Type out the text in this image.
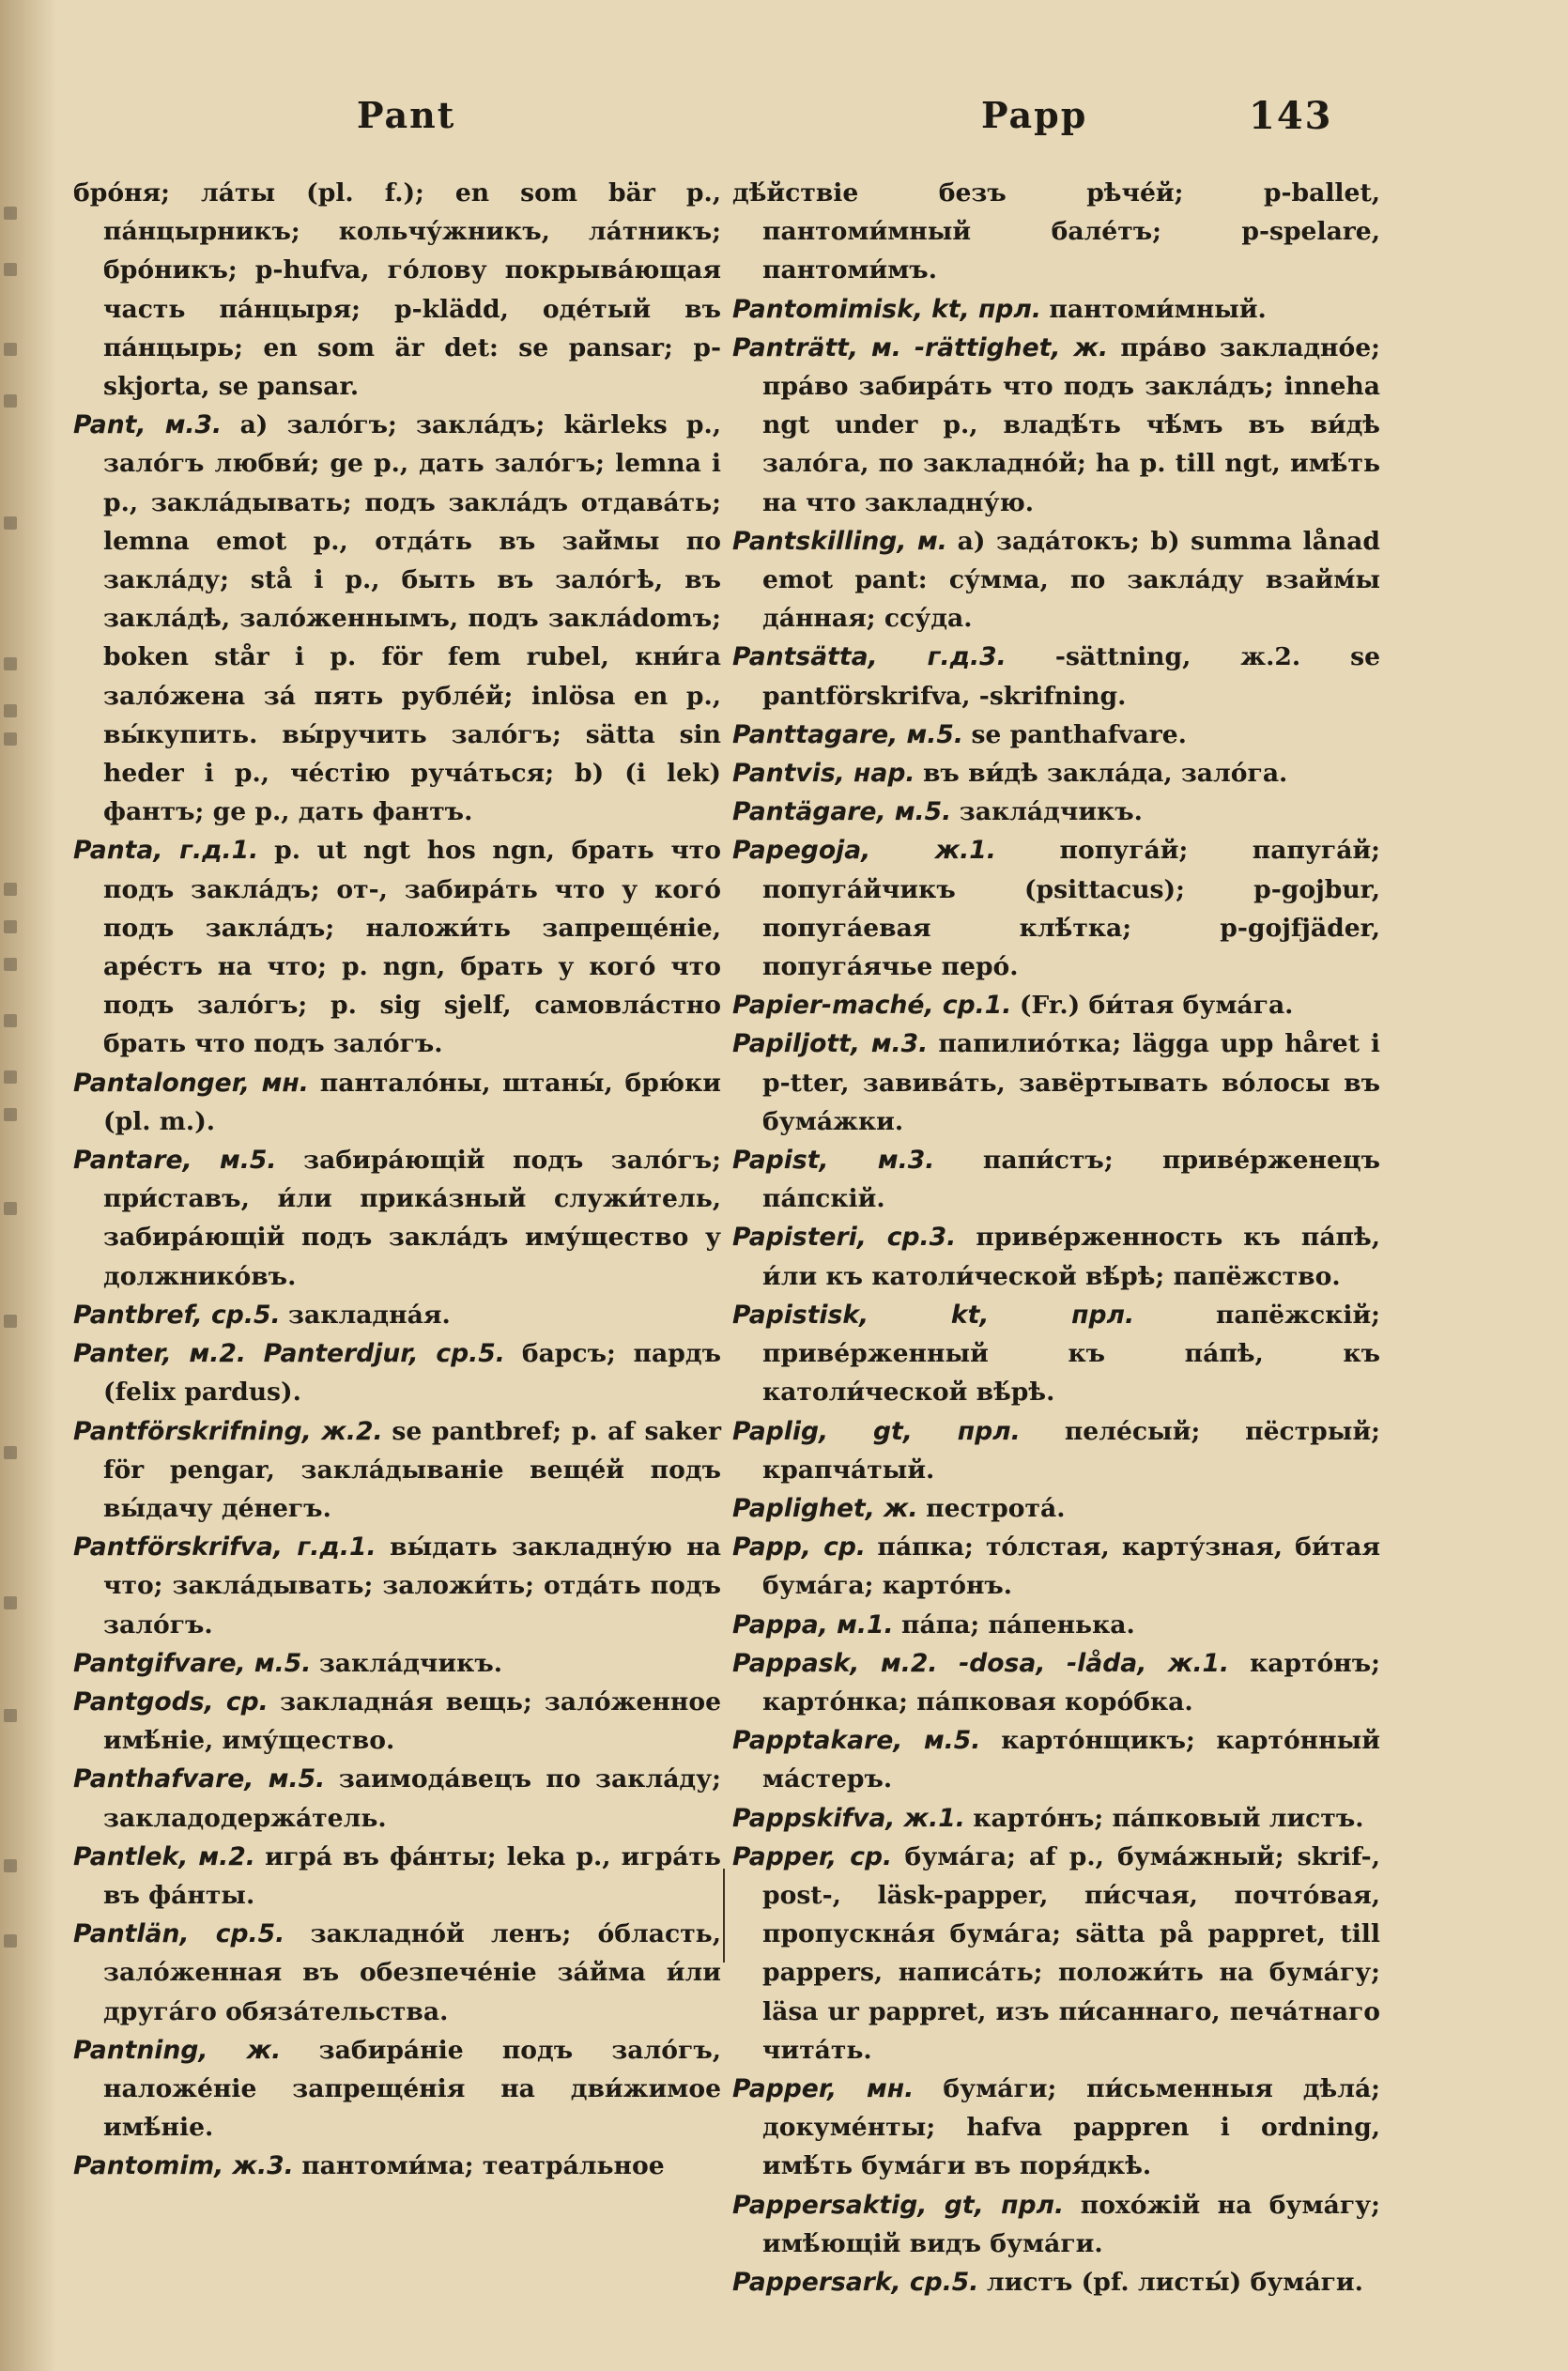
Pant	Papp	143

бро́ня; ла́ты (pl. f.); en som bär p., па́нцырникъ; кольчу́жникъ, ла́тникъ; бро́никъ; p-hufva, го́лову покрыва́ющая часть па́нцыря; p-klädd, оде́тый въ па́нцырь; en som är det: se pansar; p-skjorta, se pansar.

Pant, м.3. a) зало́гъ; закла́дъ; kärleks p., зало́гъ любви́; ge p., дать зало́гъ; lemna i p., закла́дывать; подъ закла́дъ отдава́ть; lemna emot p., отда́ть въ зай́мы по закла́ду; stå i p., быть въ зало́гѣ, въ закла́дѣ, зало́женнымъ, подъ закла́domъ; boken står i p. för fem rubel, кни́га зало́жена за́ пять рубле́й; inlösa en p., вы́купить. вы́ручить зало́гъ; sätta sin heder i p., че́стію руча́ться; b) (i lek) фантъ; ge p., дать фантъ.

Panta, г.д.1. p. ut ngt hos ngn, брать что подъ закла́дъ; от-, забира́ть что у кого́ подъ закла́дъ; наложи́ть запреще́ніе, аре́стъ на что; p. ngn, брать у кого́ что подъ зало́гъ; p. sig sjelf, самовла́стно брать что подъ зало́гъ.

Pantalonger, мн. пантало́ны, штаны́, брю́ки (pl. m.).

Pantare, м.5. забира́ющій подъ зало́гъ; при́ставъ, и́ли прика́зный служи́тель, забира́ющій подъ закла́дъ иму́щество у должнико́въ.

Pantbref, ср.5. закладна́я.

Panter, м.2. Panterdjur, ср.5. барсъ; пардъ (felix pardus).

Pantförskrifning, ж.2. se pantbref; p. af saker för pengar, закла́дываніе веще́й подъ вы́дачу де́негъ.

Pantförskrifva, г.д.1. вы́дать закладну́ю на что; закла́дывать; заложи́ть; отда́ть подъ зало́гъ.

Pantgifvare, м.5. закла́дчикъ.

Pantgods, ср. закладна́я вещь; зало́женное имѣ́ніе, иму́щество.

Panthafvare, м.5. заимода́вецъ по закла́ду; закладодержа́тель.

Pantlek, м.2. игра́ въ фа́нты; leka p., игра́ть въ фа́нты.

Pantlän, ср.5. закладно́й ленъ; о́бласть, зало́женная въ обезпече́ніе за́йма и́ли друга́го обяза́тельства.

Pantning, ж. забира́ніе подъ зало́гъ, наложе́ніе запреще́нія на дви́жимое имѣ́ніе.

Pantomim, ж.3. пантоми́ма; театра́льное

дѣ́йствіе безъ рѣче́й; p-ballet, пантоми́мный бале́тъ; p-spelare, пантоми́мъ.

Pantomimisk, kt, прл. пантоми́мный.

Panträtt, м. -rättighet, ж. пра́во закладно́е; пра́во забира́ть что подъ закла́дъ; inneha ngt under p., владѣ́ть чѣ́мъ въ ви́дѣ зало́га, по закладно́й; ha p. till ngt, имѣ́ть на что закладну́ю.

Pantskilling, м. a) зада́токъ; b) summa lånad emot pant: су́мма, по закла́ду взайм́ы да́нная; ссу́да.

Pantsätta, г.д.3. -sättning, ж.2. se pantförskrifva, -skrifning.

Panttagare, м.5. se panthafvare.

Pantvis, нар. въ ви́дѣ закла́да, зало́га.

Pantägare, м.5. закла́дчикъ.

Papegoja, ж.1.	попуга́й; папуга́й; попуга́йчикъ (psittacus); p-gojbur, попуга́евая клѣ́тка; p-gojfjäder, попуга́ячье перо́.

Papier-maché, ср.1. (Fr.) би́тая бума́га.

Papiljott, м.3. папилио́тка; lägga upp håret i p-tter, завива́ть, завёртывать во́лосы въ бума́жки.

Papist, м.3. папи́стъ; приве́рженецъ па́пскій.

Papisteri, ср.3. приве́рженность къ па́пѣ, и́ли къ католи́ческой вѣ́рѣ; папёжство.

Papistisk, kt, прл.	папёжскій; приве́рженный къ па́пѣ, къ католи́ческой вѣ́рѣ.

Paplig, gt, прл. пеле́сый; пёстрый; крапча́тый.

Paplighet, ж. пестрота́.

Papp, ср. па́пка; то́лстая, карту́зная, би́тая бума́га; карто́нъ.

Pappa, м.1. па́па; па́пенька.

Pappask, м.2. -dosa, -låda, ж.1. карто́нъ; карто́нка; па́пковая коро́бка.

Papptakare, м.5. карто́нщикъ; карто́нный ма́стеръ.

Pappskifva, ж.1. карто́нъ; па́пковый листъ.

Papper, ср. бума́га; af p., бума́жный; skrif-, post-, läsk-papper, пи́счая, почто́вая, пропускна́я бума́га; sätta på pappret, till pappers, написа́ть; положи́ть на бума́гу; läsa ur pappret, изъ пи́саннаго, печа́тнаго чита́ть.

Papper, мн. бума́ги; пи́сьменныя дѣла́; докуме́нты; hafva pappren i ordning, имѣ́ть бума́ги въ поря́дкѣ.

Pappersaktig, gt, прл. похо́жій на бума́гу; имѣ́ющій видъ бума́ги.

Pappersark, ср.5. листъ (pf. листы́) бума́ги.
